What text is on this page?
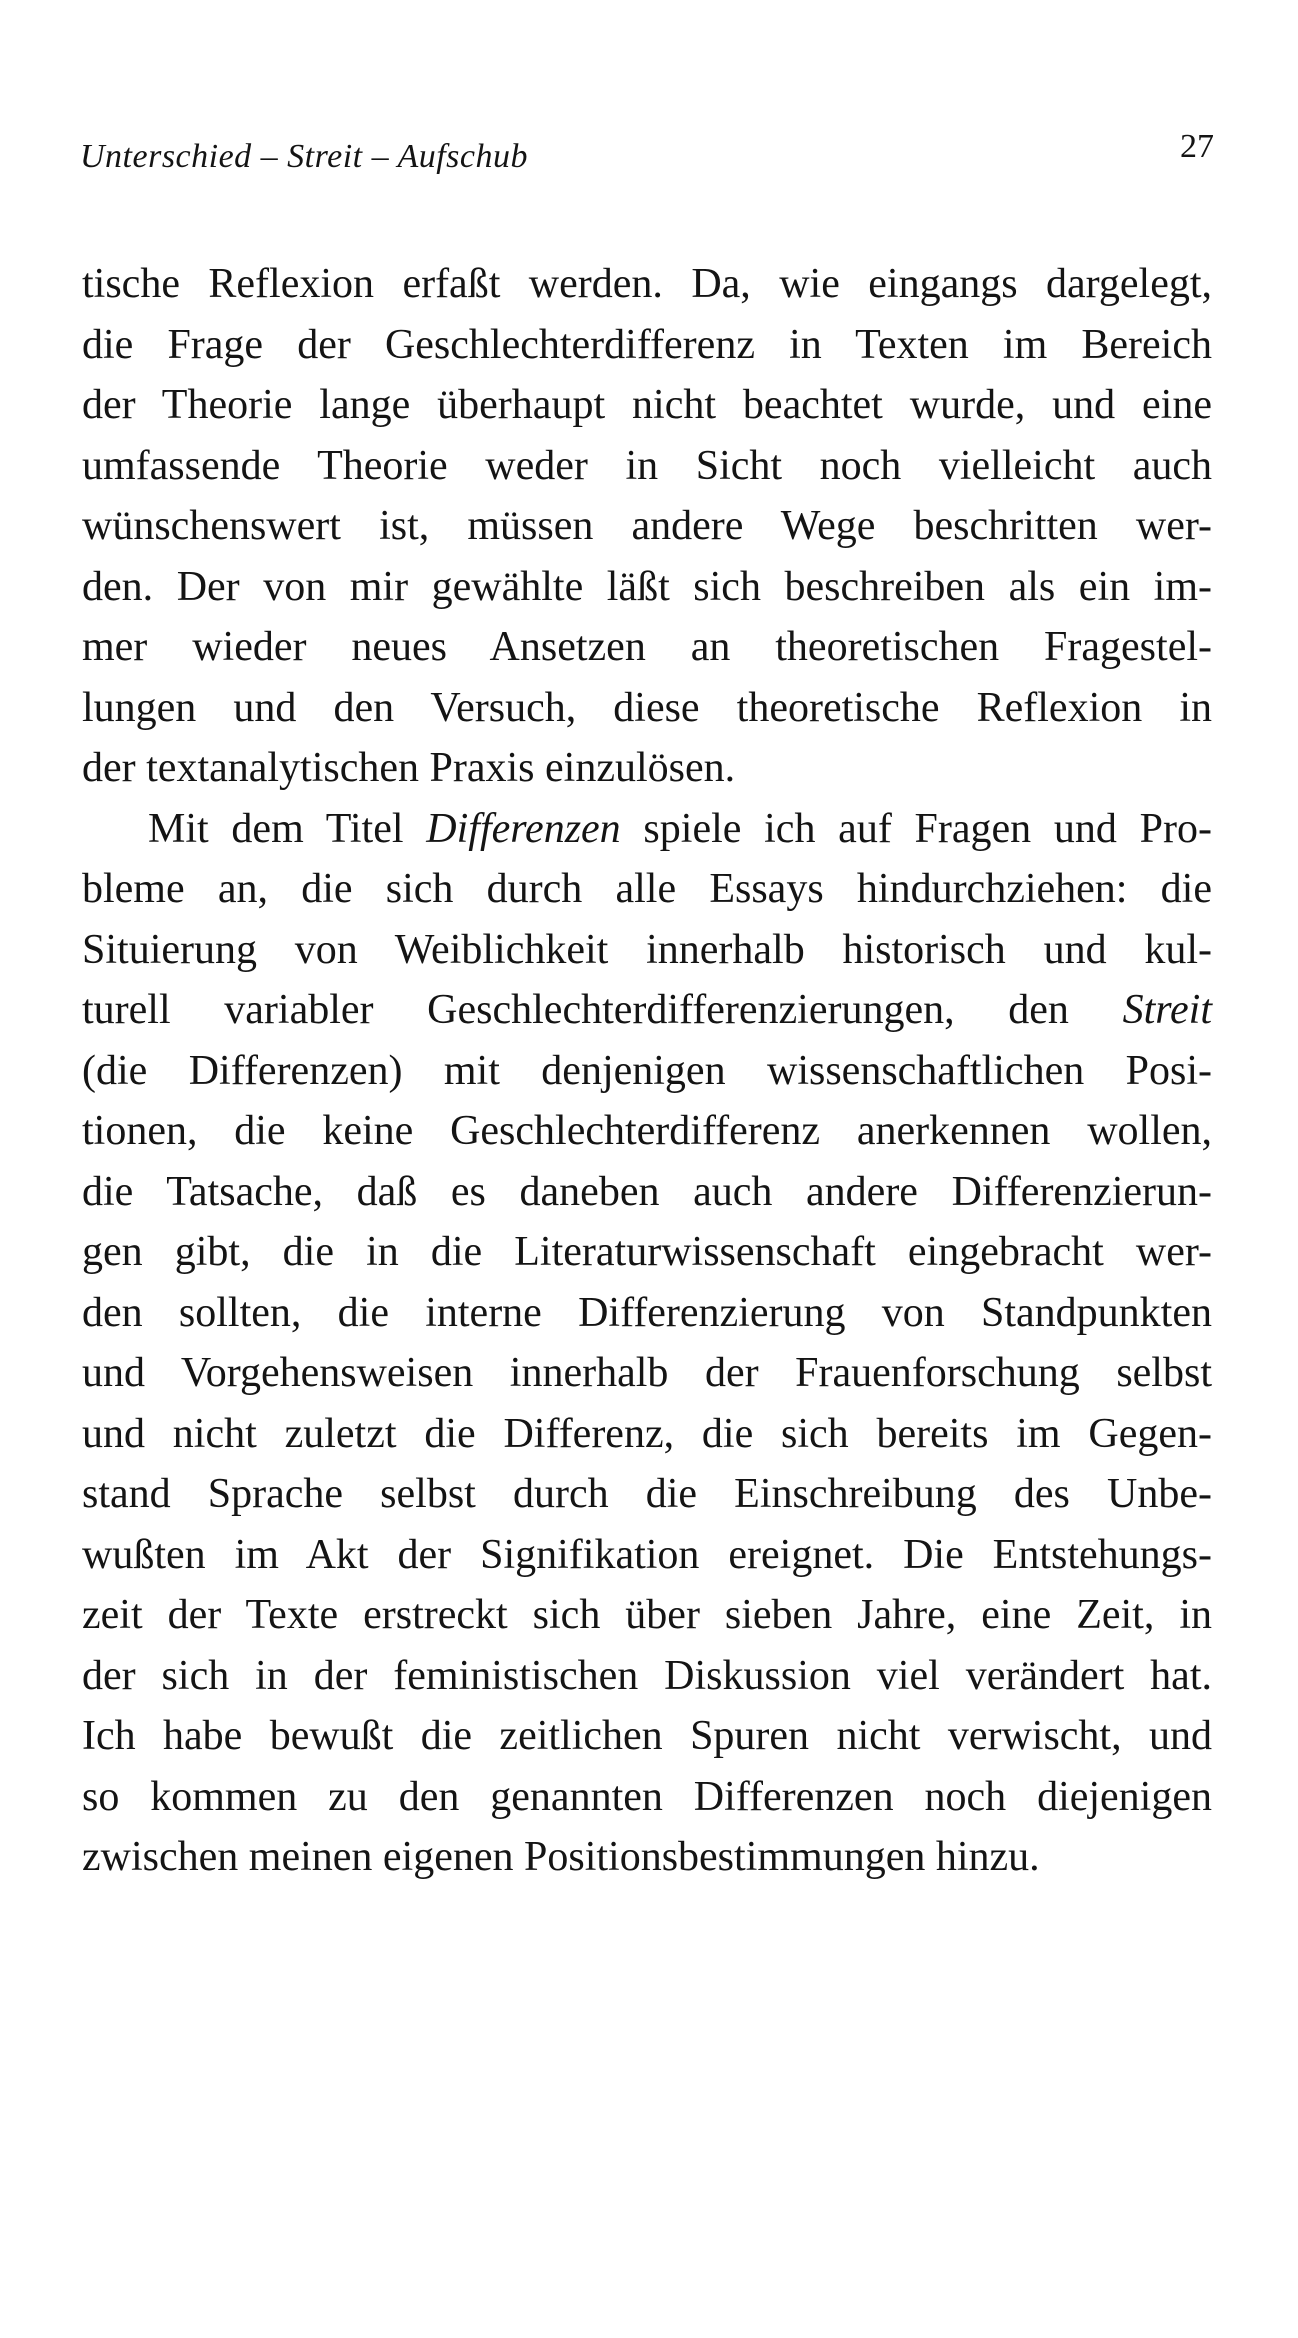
Unterschied – Streit – Aufschub	27
tische Reflexion erfaßt werden. Da, wie eingangs dargelegt,
die Frage der Geschlechterdifferenz in Texten im Bereich
der Theorie lange überhaupt nicht beachtet wurde, und eine
umfassende Theorie weder in Sicht noch vielleicht auch
wünschenswert ist, müssen andere Wege beschritten wer-
den. Der von mir gewählte läßt sich beschreiben als ein im-
mer wieder neues Ansetzen an theoretischen Fragestel-
lungen und den Versuch, diese theoretische Reflexion in
der textanalytischen Praxis einzulösen.
Mit dem Titel Differenzen spiele ich auf Fragen und Pro-
bleme an, die sich durch alle Essays hindurchziehen: die
Situierung von Weiblichkeit innerhalb historisch und kul-
turell variabler Geschlechterdifferenzierungen, den Streit
(die Differenzen) mit denjenigen wissenschaftlichen Posi-
tionen, die keine Geschlechterdifferenz anerkennen wollen,
die Tatsache, daß es daneben auch andere Differenzierun-
gen gibt, die in die Literaturwissenschaft eingebracht wer-
den sollten, die interne Differenzierung von Standpunkten
und Vorgehensweisen innerhalb der Frauenforschung selbst
und nicht zuletzt die Differenz, die sich bereits im Gegen-
stand Sprache selbst durch die Einschreibung des Unbe-
wußten im Akt der Signifikation ereignet. Die Entstehungs-
zeit der Texte erstreckt sich über sieben Jahre, eine Zeit, in
der sich in der feministischen Diskussion viel verändert hat.
Ich habe bewußt die zeitlichen Spuren nicht verwischt, und
so kommen zu den genannten Differenzen noch diejenigen
zwischen meinen eigenen Positionsbestimmungen hinzu.
